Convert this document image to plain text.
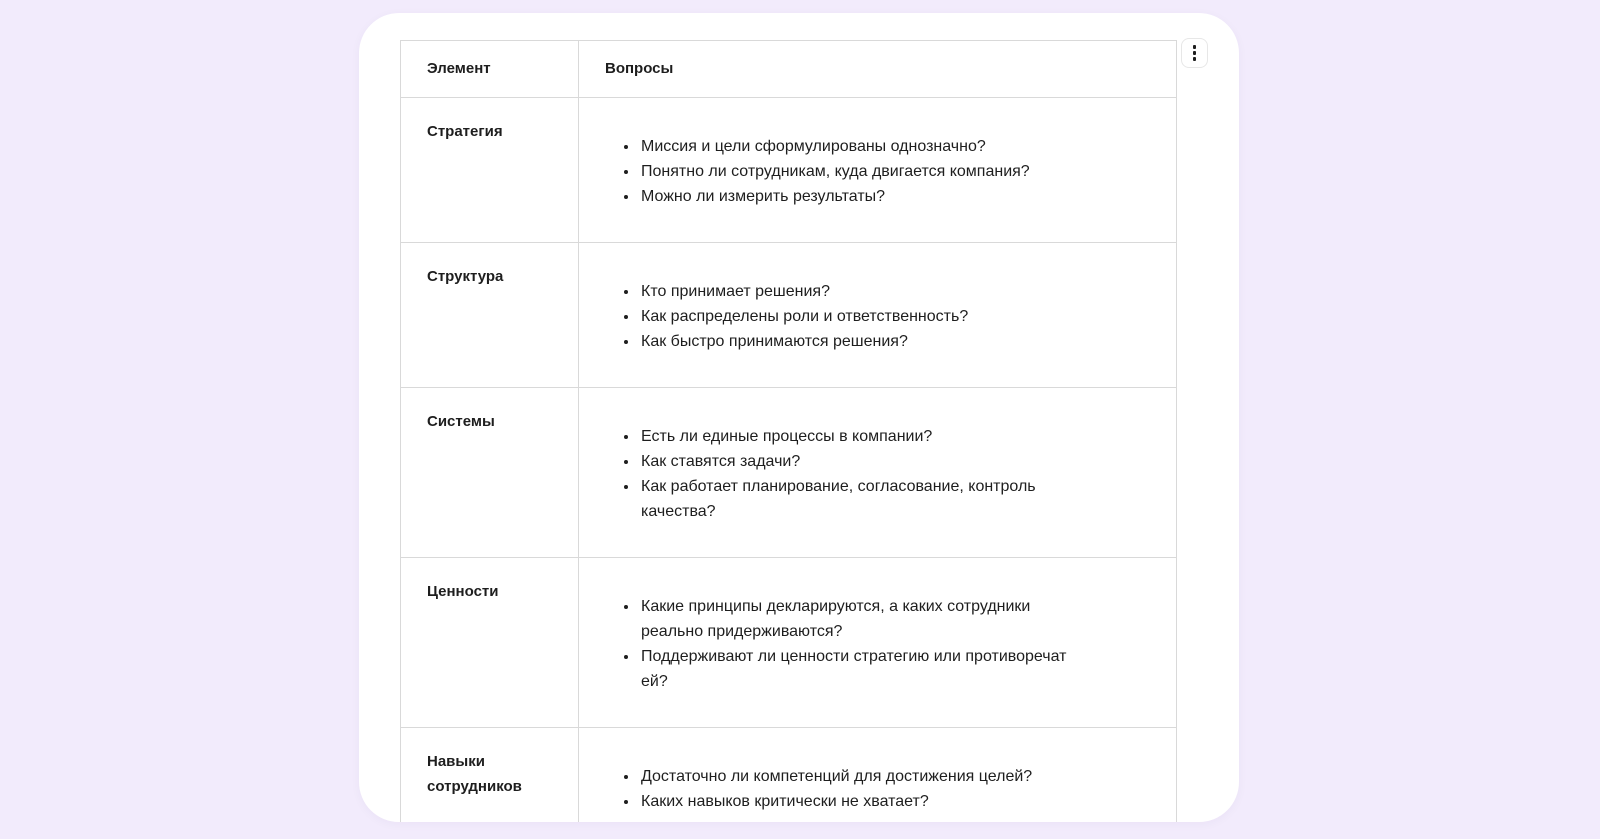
Элемент	Вопросы
Стратегия	
• Миссия и цели сформулированы однозначно?
• Понятно ли сотрудникам, куда двигается компания?
• Можно ли измерить результаты?

Структура	
• Кто принимает решения?
• Как распределены роли и ответственность?
• Как быстро принимаются решения?

Системы	
• Есть ли единые процессы в компании?
• Как ставятся задачи?
• Как работает планирование, согласование, контроль качества?

Ценности	
• Какие принципы декларируются, а каких сотрудники реально придерживаются?
• Поддерживают ли ценности стратегию или противоречат ей?

Навыки сотрудников	
• Достаточно ли компетенций для достижения целей?
• Каких навыков критически не хватает?
